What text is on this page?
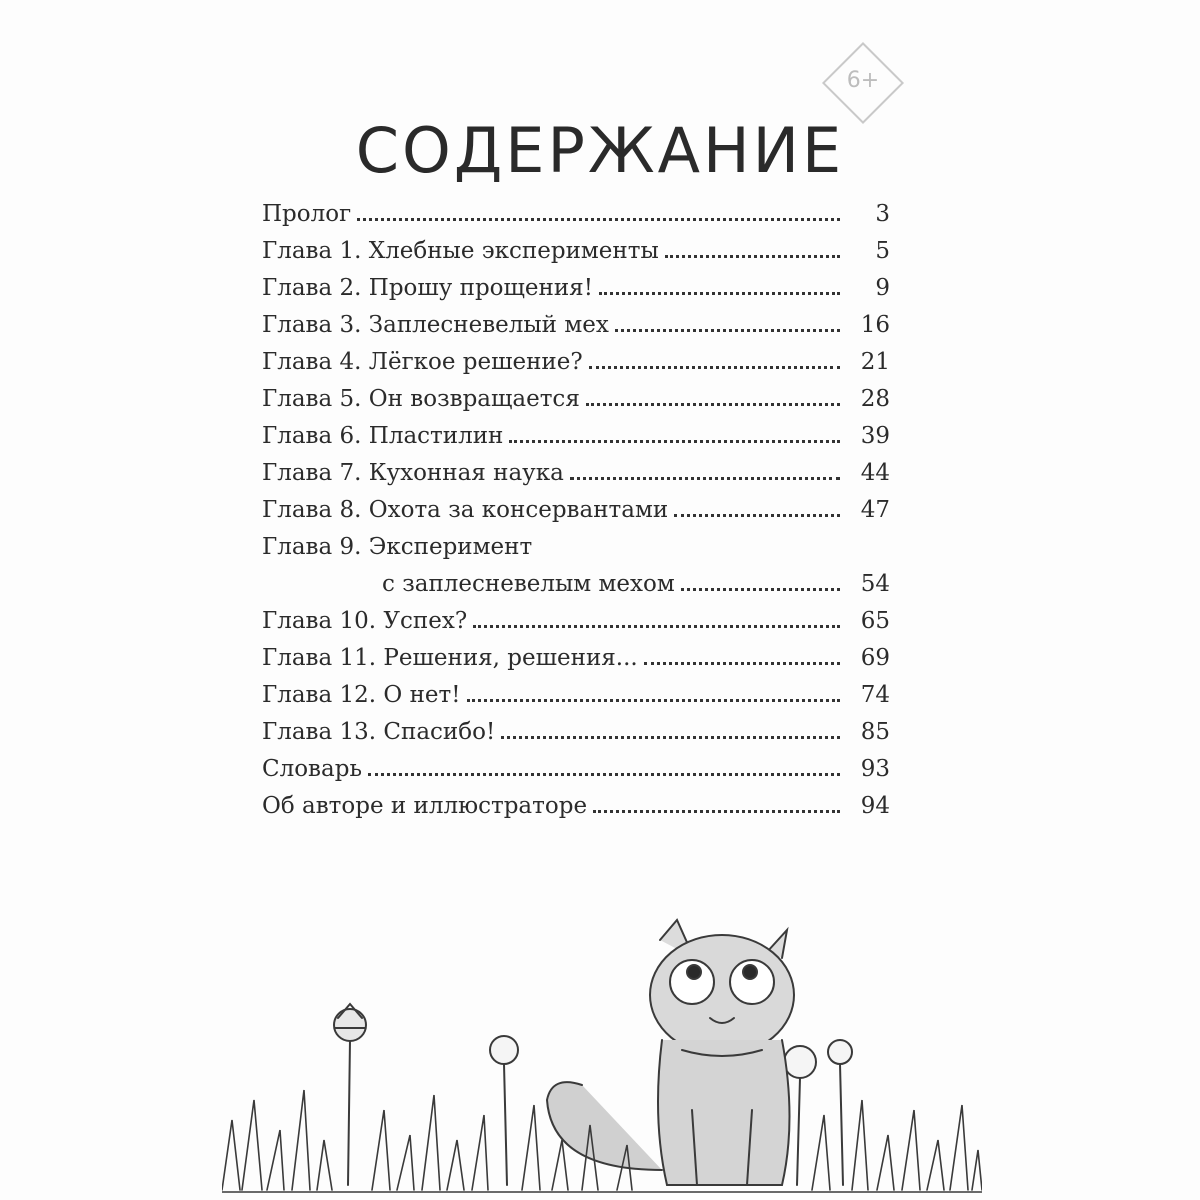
6+
СОДЕРЖАНИЕ
Пролог	3
Глава 1. Хлебные эксперименты	5
Глава 2. Прошу прощения!	9
Глава 3. Заплесневелый мех	16
Глава 4. Лёгкое решение?	21
Глава 5. Он возвращается	28
Глава 6. Пластилин	39
Глава 7. Кухонная наука	44
Глава 8. Охота за консервантами	47
Глава 9. Эксперимент
с заплесневелым мехом	54
Глава 10. Успех?	65
Глава 11. Решения, решения...	69
Глава 12. О нет!	74
Глава 13. Спасибо!	85
Словарь	93
Об авторе и иллюстраторе	94
